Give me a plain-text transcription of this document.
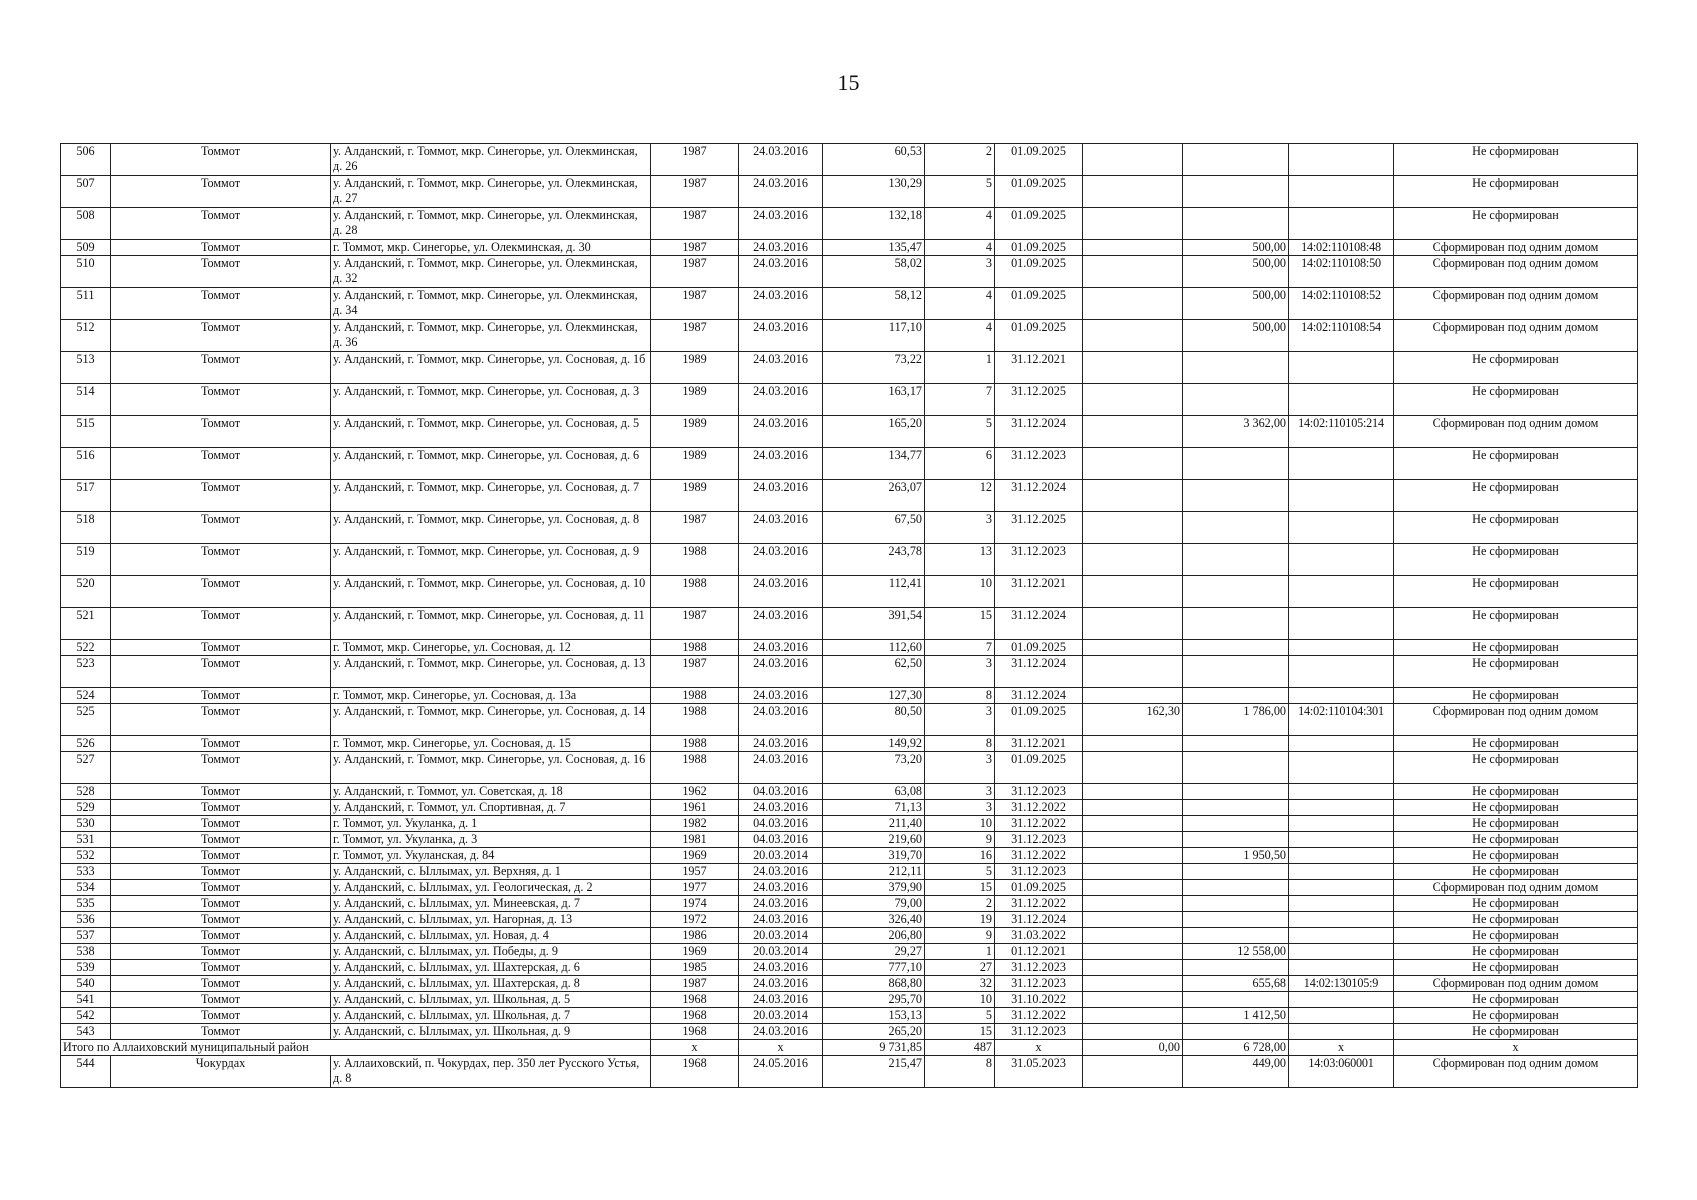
15
506	Томмот	у. Алданский, г. Томмот, мкр. Синегорье, ул. Олекминская, д. 26	1987	24.03.2016	60,53	2	01.09.2025				Не сформирован
507	Томмот	у. Алданский, г. Томмот, мкр. Синегорье, ул. Олекминская, д. 27	1987	24.03.2016	130,29	5	01.09.2025				Не сформирован
508	Томмот	у. Алданский, г. Томмот, мкр. Синегорье, ул. Олекминская, д. 28	1987	24.03.2016	132,18	4	01.09.2025				Не сформирован
509	Томмот	г. Томмот, мкр. Синегорье, ул. Олекминская, д. 30	1987	24.03.2016	135,47	4	01.09.2025		500,00	14:02:110108:48	Сформирован под одним домом
510	Томмот	у. Алданский, г. Томмот, мкр. Синегорье, ул. Олекминская, д. 32	1987	24.03.2016	58,02	3	01.09.2025		500,00	14:02:110108:50	Сформирован под одним домом
511	Томмот	у. Алданский, г. Томмот, мкр. Синегорье, ул. Олекминская, д. 34	1987	24.03.2016	58,12	4	01.09.2025		500,00	14:02:110108:52	Сформирован под одним домом
512	Томмот	у. Алданский, г. Томмот, мкр. Синегорье, ул. Олекминская, д. 36	1987	24.03.2016	117,10	4	01.09.2025		500,00	14:02:110108:54	Сформирован под одним домом
513	Томмот	у. Алданский, г. Томмот, мкр. Синегорье, ул. Сосновая, д. 1б	1989	24.03.2016	73,22	1	31.12.2021				Не сформирован
514	Томмот	у. Алданский, г. Томмот, мкр. Синегорье, ул. Сосновая, д. 3	1989	24.03.2016	163,17	7	31.12.2025				Не сформирован
515	Томмот	у. Алданский, г. Томмот, мкр. Синегорье, ул. Сосновая, д. 5	1989	24.03.2016	165,20	5	31.12.2024		3 362,00	14:02:110105:214	Сформирован под одним домом
516	Томмот	у. Алданский, г. Томмот, мкр. Синегорье, ул. Сосновая, д. 6	1989	24.03.2016	134,77	6	31.12.2023				Не сформирован
517	Томмот	у. Алданский, г. Томмот, мкр. Синегорье, ул. Сосновая, д. 7	1989	24.03.2016	263,07	12	31.12.2024				Не сформирован
518	Томмот	у. Алданский, г. Томмот, мкр. Синегорье, ул. Сосновая, д. 8	1987	24.03.2016	67,50	3	31.12.2025				Не сформирован
519	Томмот	у. Алданский, г. Томмот, мкр. Синегорье, ул. Сосновая, д. 9	1988	24.03.2016	243,78	13	31.12.2023				Не сформирован
520	Томмот	у. Алданский, г. Томмот, мкр. Синегорье, ул. Сосновая, д. 10	1988	24.03.2016	112,41	10	31.12.2021				Не сформирован
521	Томмот	у. Алданский, г. Томмот, мкр. Синегорье, ул. Сосновая, д. 11	1987	24.03.2016	391,54	15	31.12.2024				Не сформирован
522	Томмот	г. Томмот, мкр. Синегорье, ул. Сосновая, д. 12	1988	24.03.2016	112,60	7	01.09.2025				Не сформирован
523	Томмот	у. Алданский, г. Томмот, мкр. Синегорье, ул. Сосновая, д. 13	1987	24.03.2016	62,50	3	31.12.2024				Не сформирован
524	Томмот	г. Томмот, мкр. Синегорье, ул. Сосновая, д. 13а	1988	24.03.2016	127,30	8	31.12.2024				Не сформирован
525	Томмот	у. Алданский, г. Томмот, мкр. Синегорье, ул. Сосновая, д. 14	1988	24.03.2016	80,50	3	01.09.2025	162,30	1 786,00	14:02:110104:301	Сформирован под одним домом
526	Томмот	г. Томмот, мкр. Синегорье, ул. Сосновая, д. 15	1988	24.03.2016	149,92	8	31.12.2021				Не сформирован
527	Томмот	у. Алданский, г. Томмот, мкр. Синегорье, ул. Сосновая, д. 16	1988	24.03.2016	73,20	3	01.09.2025				Не сформирован
528	Томмот	у. Алданский, г. Томмот, ул. Советская, д. 18	1962	04.03.2016	63,08	3	31.12.2023				Не сформирован
529	Томмот	у. Алданский, г. Томмот, ул. Спортивная, д. 7	1961	24.03.2016	71,13	3	31.12.2022				Не сформирован
530	Томмот	г. Томмот, ул. Укуланка, д. 1	1982	04.03.2016	211,40	10	31.12.2022				Не сформирован
531	Томмот	г. Томмот, ул. Укуланка, д. 3	1981	04.03.2016	219,60	9	31.12.2023				Не сформирован
532	Томмот	г. Томмот, ул. Укуланская, д. 84	1969	20.03.2014	319,70	16	31.12.2022		1 950,50		Не сформирован
533	Томмот	у. Алданский, с. Ыллымах, ул. Верхняя, д. 1	1957	24.03.2016	212,11	5	31.12.2023				Не сформирован
534	Томмот	у. Алданский, с. Ыллымах, ул. Геологическая, д. 2	1977	24.03.2016	379,90	15	01.09.2025				Сформирован под одним домом
535	Томмот	у. Алданский, с. Ыллымах, ул. Минеевская, д. 7	1974	24.03.2016	79,00	2	31.12.2022				Не сформирован
536	Томмот	у. Алданский, с. Ыллымах, ул. Нагорная, д. 13	1972	24.03.2016	326,40	19	31.12.2024				Не сформирован
537	Томмот	у. Алданский, с. Ыллымах, ул. Новая, д. 4	1986	20.03.2014	206,80	9	31.03.2022				Не сформирован
538	Томмот	у. Алданский, с. Ыллымах, ул. Победы, д. 9	1969	20.03.2014	29,27	1	01.12.2021		12 558,00		Не сформирован
539	Томмот	у. Алданский, с. Ыллымах, ул. Шахтерская, д. 6	1985	24.03.2016	777,10	27	31.12.2023				Не сформирован
540	Томмот	у. Алданский, с. Ыллымах, ул. Шахтерская, д. 8	1987	24.03.2016	868,80	32	31.12.2023		655,68	14:02:130105:9	Сформирован под одним домом
541	Томмот	у. Алданский, с. Ыллымах, ул. Школьная, д. 5	1968	24.03.2016	295,70	10	31.10.2022				Не сформирован
542	Томмот	у. Алданский, с. Ыллымах, ул. Школьная, д. 7	1968	20.03.2014	153,13	5	31.12.2022		1 412,50		Не сформирован
543	Томмот	у. Алданский, с. Ыллымах, ул. Школьная, д. 9	1968	24.03.2016	265,20	15	31.12.2023				Не сформирован
Итого по Аллаиховский муниципальный район			х	х	9 731,85	487	х	0,00	6 728,00	х	х
544	Чокурдах	у. Аллаиховский, п. Чокурдах, пер. 350 лет Русского Устья, д. 8	1968	24.05.2016	215,47	8	31.05.2023		449,00	14:03:060001	Сформирован под одним домом
